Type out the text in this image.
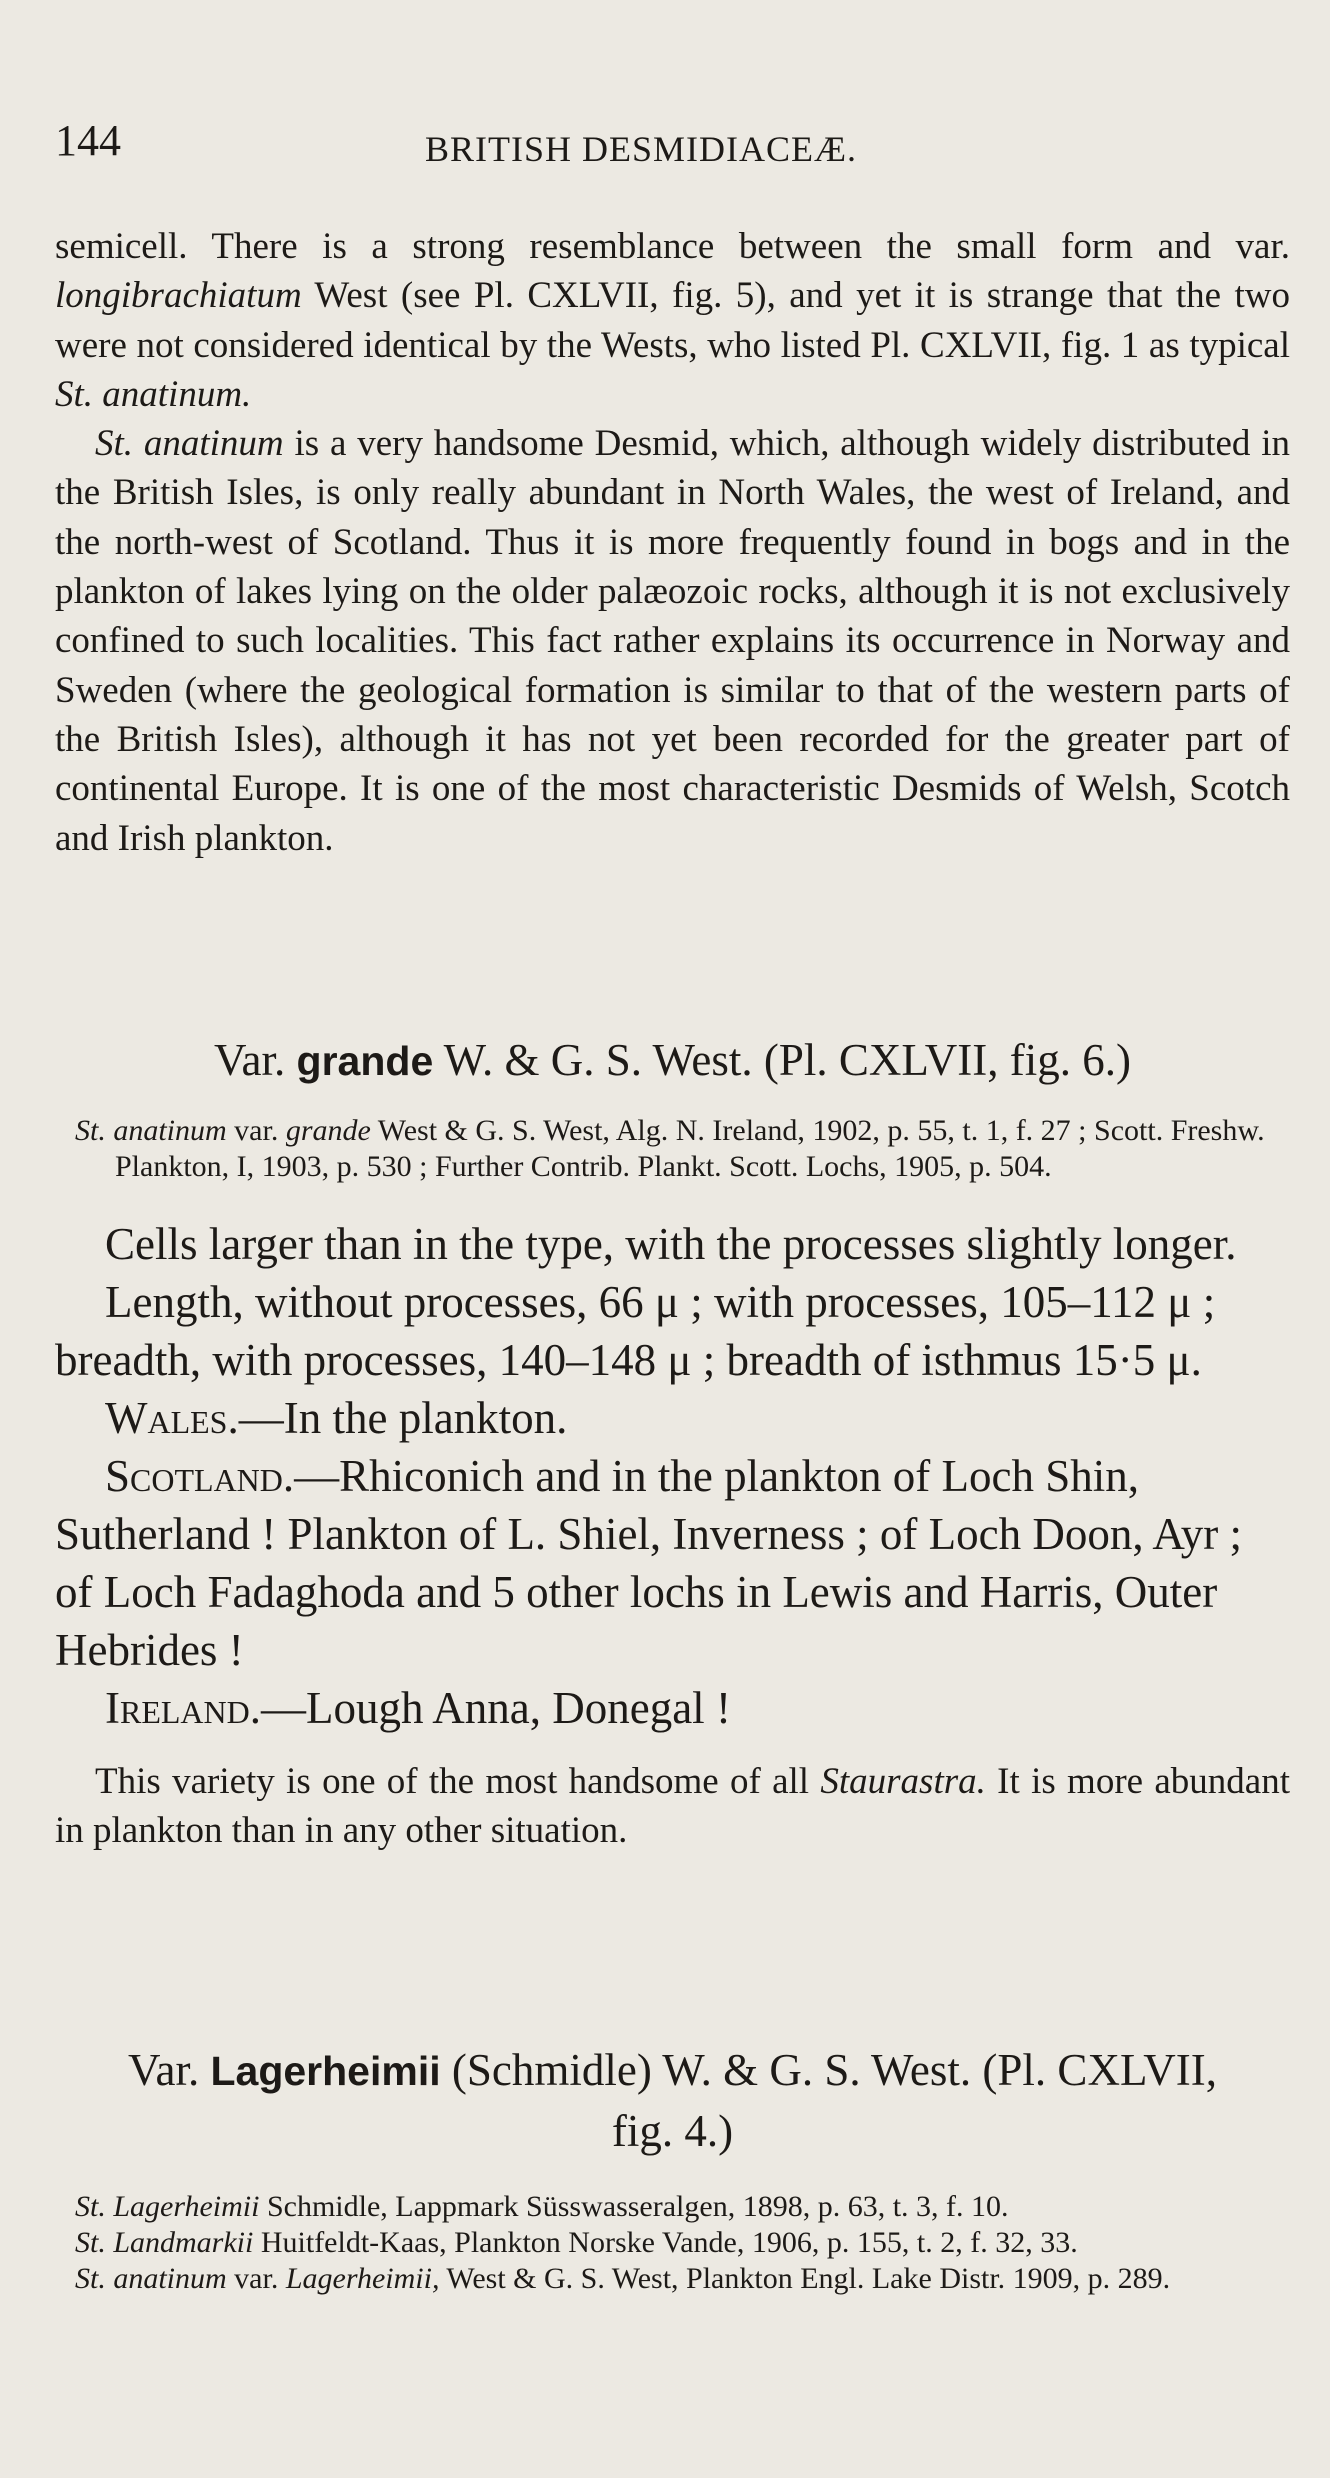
144	BRITISH DESMIDIACEÆ.

semicell. There is a strong resemblance between the small form and var. longibrachiatum West (see Pl. CXLVII, fig. 5), and yet it is strange that the two were not considered identical by the Wests, who listed Pl. CXLVII, fig. 1 as typical St. anatinum.

St. anatinum is a very handsome Desmid, which, although widely distributed in the British Isles, is only really abundant in North Wales, the west of Ireland, and the north-west of Scotland. Thus it is more frequently found in bogs and in the plankton of lakes lying on the older palæozoic rocks, although it is not exclusively confined to such localities. This fact rather explains its occurrence in Norway and Sweden (where the geological formation is similar to that of the western parts of the British Isles), although it has not yet been recorded for the greater part of continental Europe. It is one of the most characteristic Desmids of Welsh, Scotch and Irish plankton.

Var. grande W. & G. S. West. (Pl. CXLVII, fig. 6.)

St. anatinum var. grande West & G. S. West, Alg. N. Ireland, 1902, p. 55, t. 1, f. 27 ; Scott. Freshw. Plankton, I, 1903, p. 530 ; Further Contrib. Plankt. Scott. Lochs, 1905, p. 504.

Cells larger than in the type, with the processes slightly longer.

Length, without processes, 66 μ ; with processes, 105–112 μ ; breadth, with processes, 140–148 μ ; breadth of isthmus 15·5 μ.

Wales.—In the plankton.

Scotland.—Rhiconich and in the plankton of Loch Shin, Sutherland ! Plankton of L. Shiel, Inverness ; of Loch Doon, Ayr ; of Loch Fadaghoda and 5 other lochs in Lewis and Harris, Outer Hebrides !

Ireland.—Lough Anna, Donegal !

This variety is one of the most handsome of all Staurastra. It is more abundant in plankton than in any other situation.

Var. Lagerheimii (Schmidle) W. & G. S. West. (Pl. CXLVII, fig. 4.)

St. Lagerheimii Schmidle, Lappmark Süsswasseralgen, 1898, p. 63, t. 3, f. 10.

St. Landmarkii Huitfeldt-Kaas, Plankton Norske Vande, 1906, p. 155, t. 2, f. 32, 33.

St. anatinum var. Lagerheimii, West & G. S. West, Plankton Engl. Lake Distr. 1909, p. 289.
